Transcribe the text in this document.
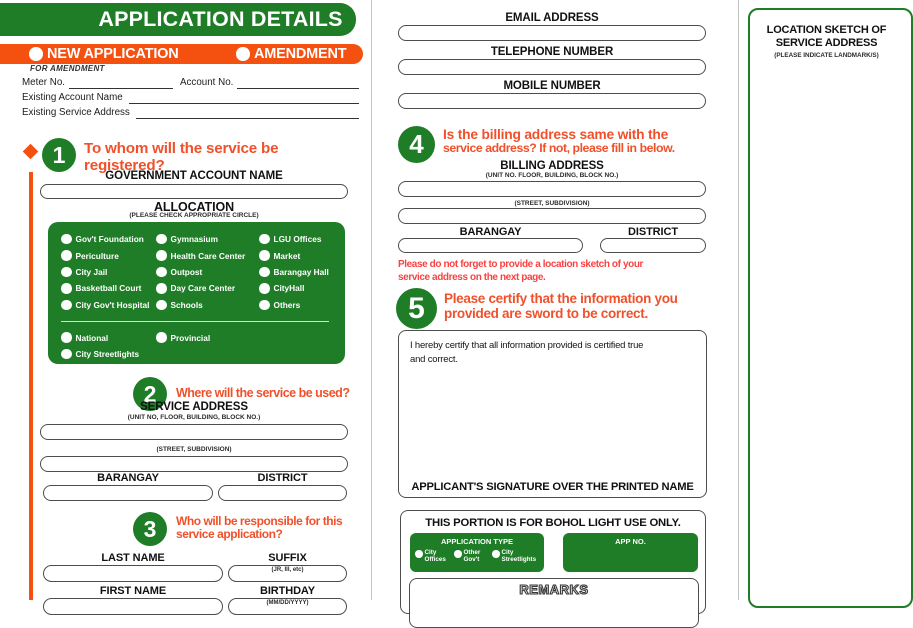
APPLICATION DETAILS
NEW APPLICATION	AMENDMENT
FOR AMENDMENT
Meter No.	Account No.
Existing Account Name
Existing Service Address
1	To whom will the service be
registered?
GOVERNMENT ACCOUNT NAME
ALLOCATION
(PLEASE CHECK APPROPRIATE CIRCLE)
Gov't Foundation	Gymnasium	LGU Offices
Periculture	Health Care Center	Market
City Jail	Outpost	Barangay Hall
Basketball Court	Day Care Center	CityHall
City Gov't Hospital	Schools	Others
National	Provincial
City Streetlights
2	Where will the service be used?
SERVICE ADDRESS
(UNIT NO, FLOOR, BUILDING, BLOCK NO.)
(STREET, SUBDIVISION)
BARANGAY	DISTRICT
3	Who will be responsible for this
service application?
LAST NAME	SUFFIX
(JR, III, etc)
FIRST NAME	BIRTHDAY
(MM/DD/YYYY)
EMAIL ADDRESS
TELEPHONE NUMBER
MOBILE NUMBER
4	Is the billing address same with the
service address? If not, please fill in below.
BILLING ADDRESS
(UNIT NO. FLOOR, BUILDING, BLOCK NO.)
(STREET, SUBDIVISION)
BARANGAY	DISTRICT
Please do not forget to provide a location sketch of your
service address on the next page.
5	Please certify that the information you
provided are sword to be correct.
I hereby certify that all information provided is certified true
and correct.
APPLICANT'S SIGNATURE OVER THE PRINTED NAME
THIS PORTION IS FOR BOHOL LIGHT USE ONLY.
APPLICATION TYPE
City Offices
Other Gov't
City Streetlights
APP NO.
REMARKS
LOCATION SKETCH OF
SERVICE ADDRESS
(PLEASE INDICATE LANDMARK/S)
